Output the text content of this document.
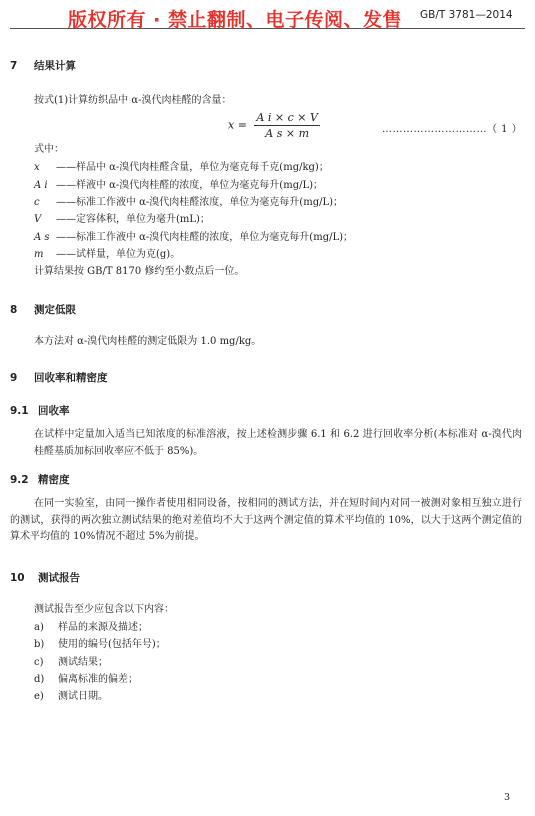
版权所有 · 禁止翻制、电子传阅、发售 GB/T 3781—2014
7 结果计算
按式(1)计算纺织品中 α-溴代肉桂醛的含量：
$x = \frac{\text{A i × c × V}}{\text{A s × m}}$	…………………………（ 1 ）
式中：
x ——样品中 α-溴代肉桂醛含量，单位为毫克每千克(mg/kg)；
A i ——样液中 α-溴代肉桂醛的浓度，单位为毫克每升(mg/L)；
c ——标准工作液中 α-溴代肉桂醛浓度，单位为毫克每升(mg/L)；
V ——定容体积，单位为毫升(mL)；
A s ——标准工作液中 α-溴代肉桂醛的浓度，单位为毫克每升(mg/L)；
m ——试样量，单位为克(g)。
计算结果按 GB/T 8170 修约至小数点后一位。
8 测定低限
本方法对 α-溴代肉桂醛的测定低限为 1.0 mg/kg。
9 回收率和精密度
9.1 回收率
在试样中定量加入适当已知浓度的标准溶液，按上述检测步骤 6.1 和 6.2 进行回收率分析(本标准对 α-溴代肉桂醛基质加标回收率应不低于 85%)。
9.2 精密度
在同一实验室，由同一操作者使用相同设备，按相同的测试方法，并在短时间内对同一被测对象相互独立进行的测试，获得的两次独立测试结果的绝对差值均不大于这两个测定值的算术平均值的 10%，以大于这两个测定值的算术平均值的 10%情况不超过 5%为前提。
10 测试报告
测试报告至少应包含以下内容：
a) 样品的来源及描述；
b) 使用的编号(包括年号)；
c) 测试结果；
d) 偏离标准的偏差；
e) 测试日期。
3
